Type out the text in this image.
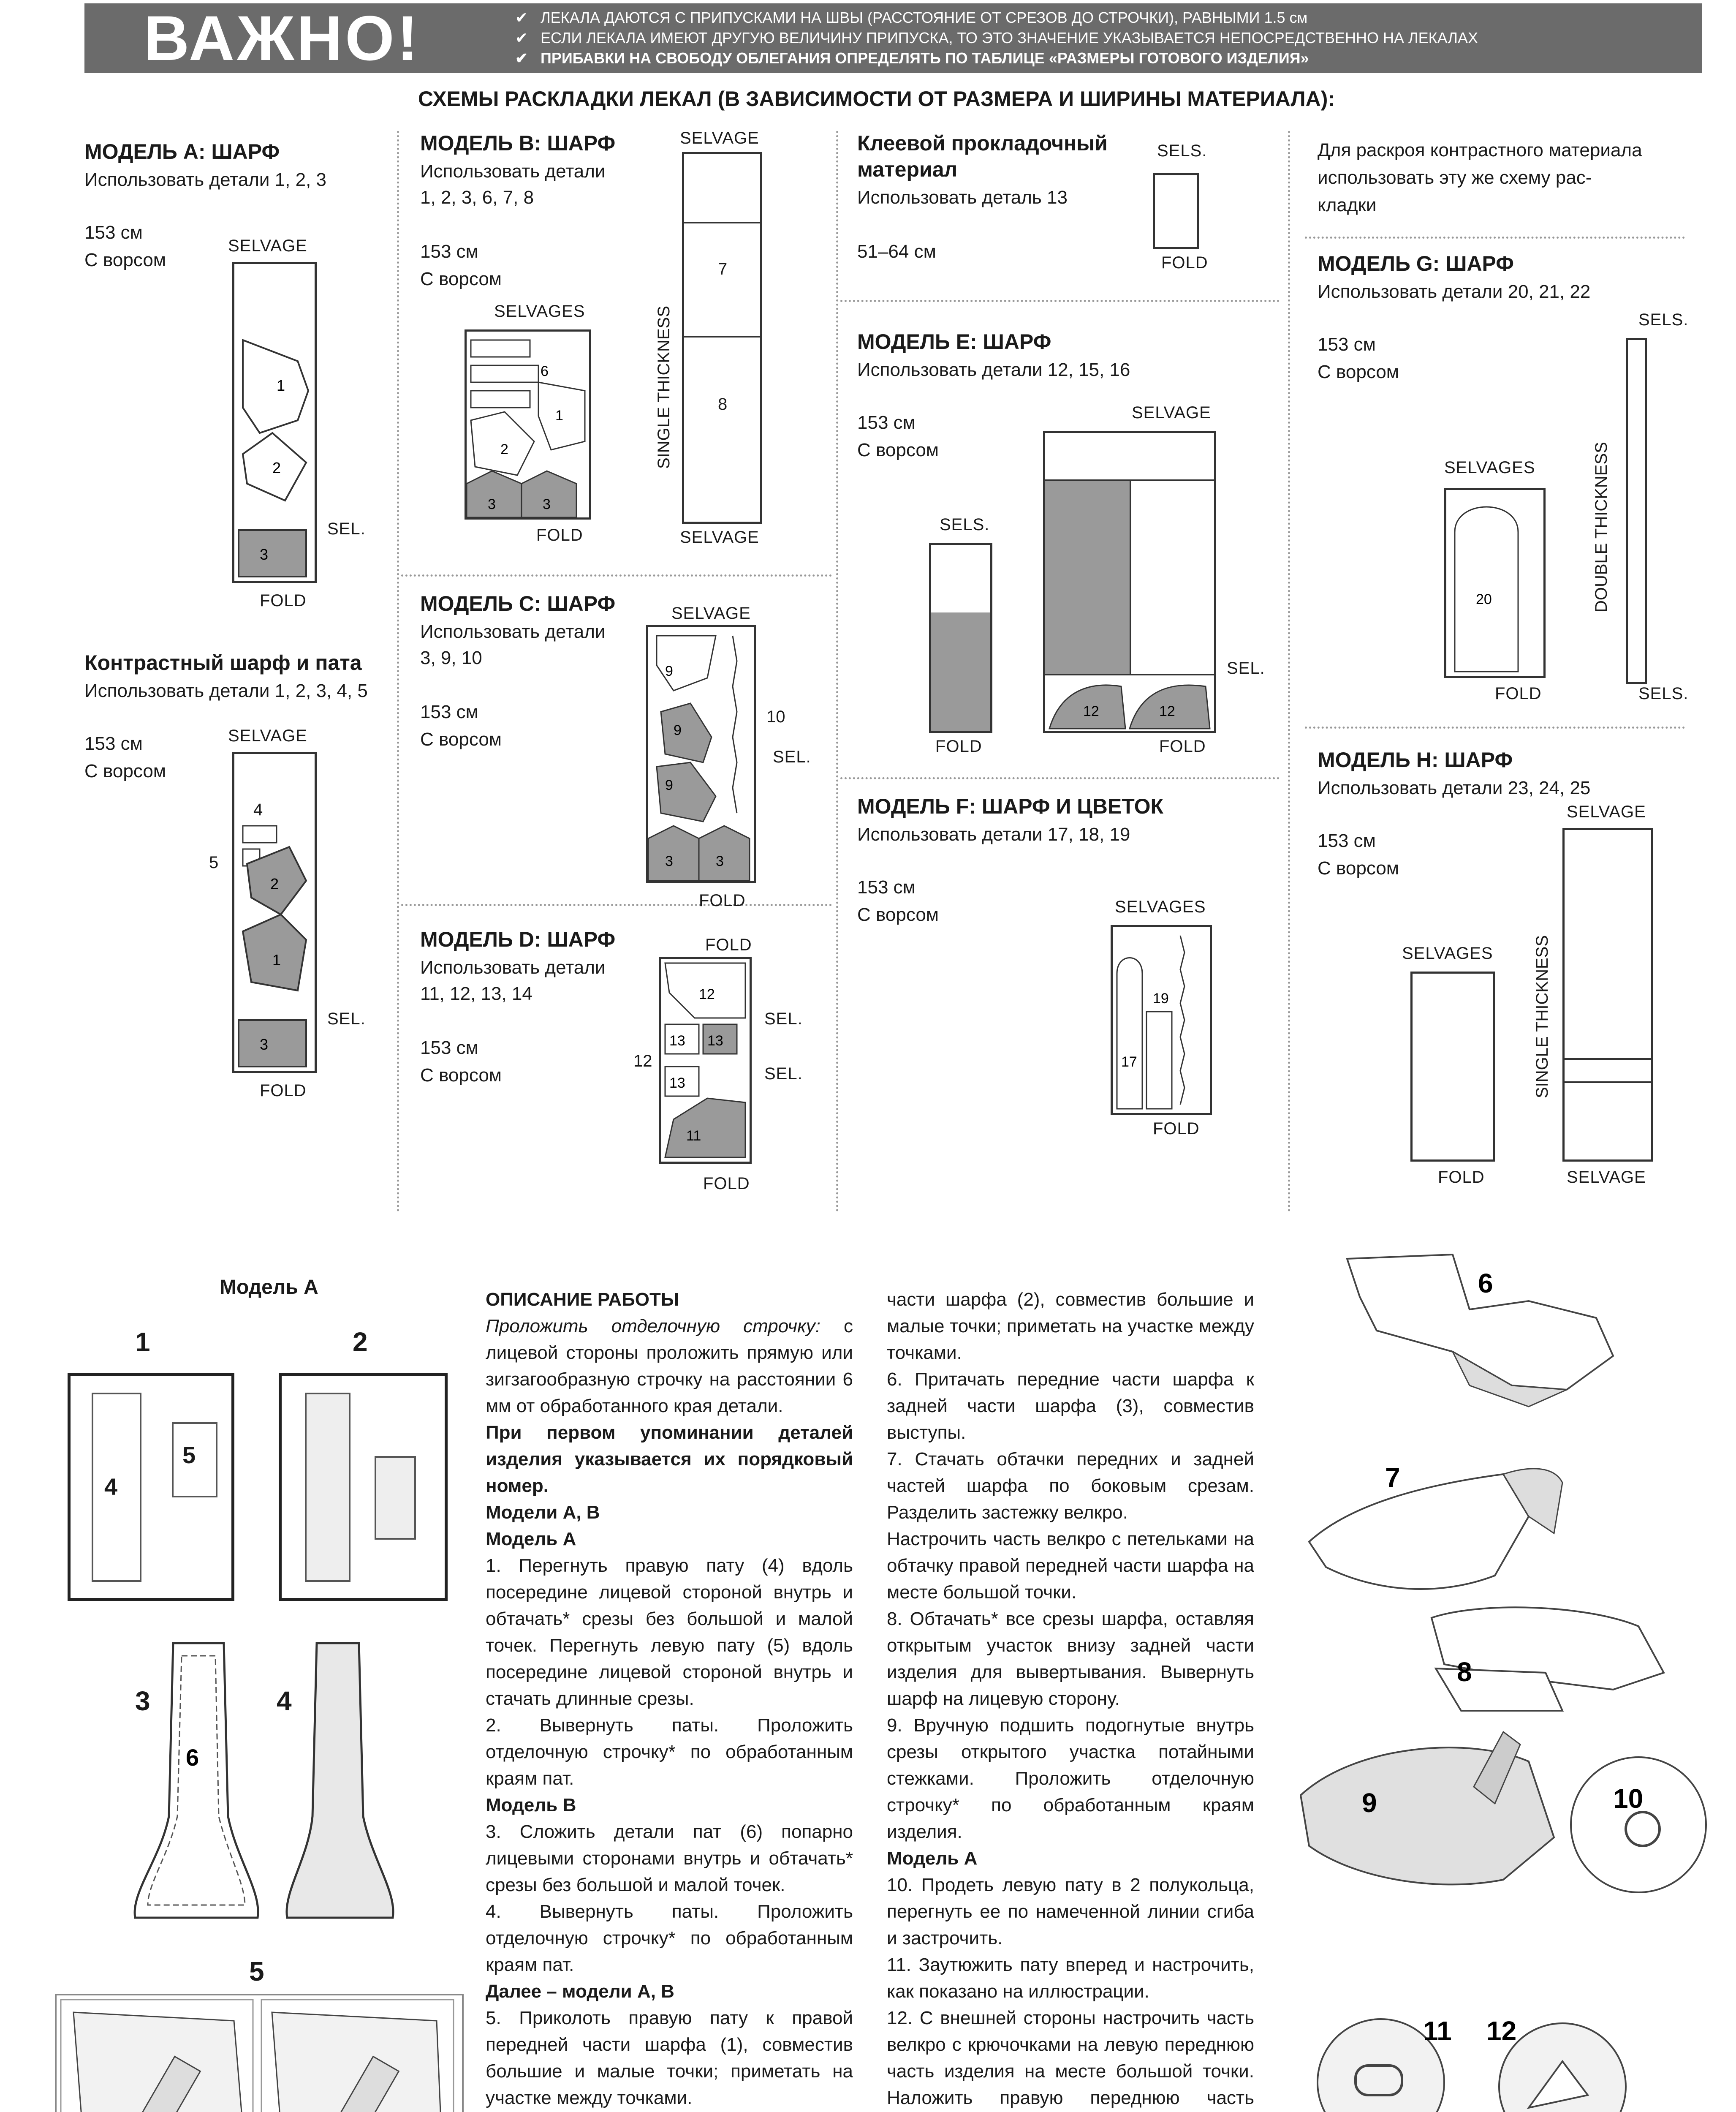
ВАЖНО!	✔ ЛЕКАЛА ДАЮТСЯ С ПРИПУСКАМИ НА ШВЫ (РАССТОЯНИЕ ОТ СРЕЗОВ ДО СТРОЧКИ), РАВНЫМИ 1.5 см
✔ ЕСЛИ ЛЕКАЛА ИМЕЮТ ДРУГУЮ ВЕЛИЧИНУ ПРИПУСКА, ТО ЭТО ЗНАЧЕНИЕ УКАЗЫВАЕТСЯ НЕПОСРЕДСТВЕННО НА ЛЕКАЛАХ
✔ ПРИБАВКИ НА СВОБОДУ ОБЛЕГАНИЯ ОПРЕДЕЛЯТЬ ПО ТАБЛИЦЕ «РАЗМЕРЫ ГОТОВОГО ИЗДЕЛИЯ»
СХЕМЫ РАСКЛАДКИ ЛЕКАЛ (В ЗАВИСИМОСТИ ОТ РАЗМЕРА И ШИРИНЫ МАТЕРИАЛА):
МОДЕЛЬ A: ШАРФ
Использовать детали 1, 2, 3
153 см
С ворсом
SELVAGE
1
2
3
SEL.
FOLD
Контрастный шарф и пата
Использовать детали 1, 2, 3, 4, 5
153 см
С ворсом
SELVAGE
2
1
3
4
5
SEL.
FOLD
МОДЕЛЬ B: ШАРФ
Использовать детали
1, 2, 3, 6, 7, 8
153 см
С ворсом
SELVAGES
6
1
2
3	3
FOLD
SELVAGE
7
8
SINGLE THICKNESS
SELVAGE
МОДЕЛЬ C: ШАРФ
Использовать детали
3, 9, 10
153 см
С ворсом
SELVAGE
9
9
9
3	3
10
SEL.
FOLD
МОДЕЛЬ D: ШАРФ
Использовать детали
11, 12, 13, 14
153 см
С ворсом
FOLD
12
13 13
13
11
12
SEL.
SEL.
FOLD
Клеевой прокладочный
материал
Использовать деталь 13
51–64 см
SELS.
FOLD
МОДЕЛЬ E: ШАРФ
Использовать детали 12, 15, 16
153 см
С ворсом
SELS.
FOLD
SELVAGE
12	12
SEL.
FOLD
МОДЕЛЬ F: ШАРФ И ЦВЕТОК
Использовать детали 17, 18, 19
153 см
С ворсом	SELVAGES
17
19
FOLD
Для раскроя контрастного материала
использовать эту же схему рас-
кладки
МОДЕЛЬ G: ШАРФ
Использовать детали 20, 21, 22
153 см
С ворсом
SELVAGES
20
FOLD
SELS.
DOUBLE THICKNESS
SELS.
МОДЕЛЬ H: ШАРФ
Использовать детали 23, 24, 25
153 см
С ворсом
SELVAGES
FOLD
SELVAGE
SINGLE THICKNESS
SELVAGE
Модель А
1	2
4
5
3	4
6
5

ОПИСАНИЕ РАБОТЫ

Проложить отделочную строчку: с лицевой стороны проложить прямую или зигзагообразную строчку на расстоянии 6 мм от обработанного края детали.

При первом упоминании деталей изделия указывается их порядковый номер.

Модели A, B

Модель A

1. Перегнуть правую пату (4) вдоль посередине лицевой стороной внутрь и обтачать* срезы без большой и малой точек. Перегнуть левую пату (5) вдоль посередине лицевой стороной внутрь и стачать длинные срезы.

2. Вывернуть паты. Проложить отделочную строчку* по обработанным краям пат.

Модель B

3. Сложить детали пат (6) попарно лицевыми сторонами внутрь и обтачать* срезы без большой и малой точек.

4. Вывернуть паты. Проложить отделочную строчку* по обработанным краям пат.

Далее – модели A, B

5. Приколоть правую пату к правой передней части шарфа (1), совместив большие и малые точки; приметать на участке между точками.

части шарфа (2), совместив большие и малые точки; приметать на участке между точками.

6. Притачать передние части шарфа к задней части шарфа (3), совместив выступы.

7. Стачать обтачки передних и задней частей шарфа по боковым срезам. Разделить застежку велкро.

Настрочить часть велкро с петельками на обтачку правой передней части шарфа на месте большой точки.

8. Обтачать* все срезы шарфа, оставляя открытым участок внизу задней части изделия для вывертывания. Вывернуть шарф на лицевую сторону.

9. Вручную подшить подогнутые внутрь срезы открытого участка потайными стежками. Проложить отделочную строчку* по обработанным краям изделия.

Модель A

10. Продеть левую пату в 2 полукольца, перегнуть ее по намеченной линии сгиба и застрочить.

11. Заутюжить пату вперед и настрочить, как показано на иллюстрации.

12. С внешней стороны настрочить часть велкро с крючочками на левую переднюю часть изделия на месте большой точки. Наложить правую переднюю часть

6
7
8
9	10
11 12
